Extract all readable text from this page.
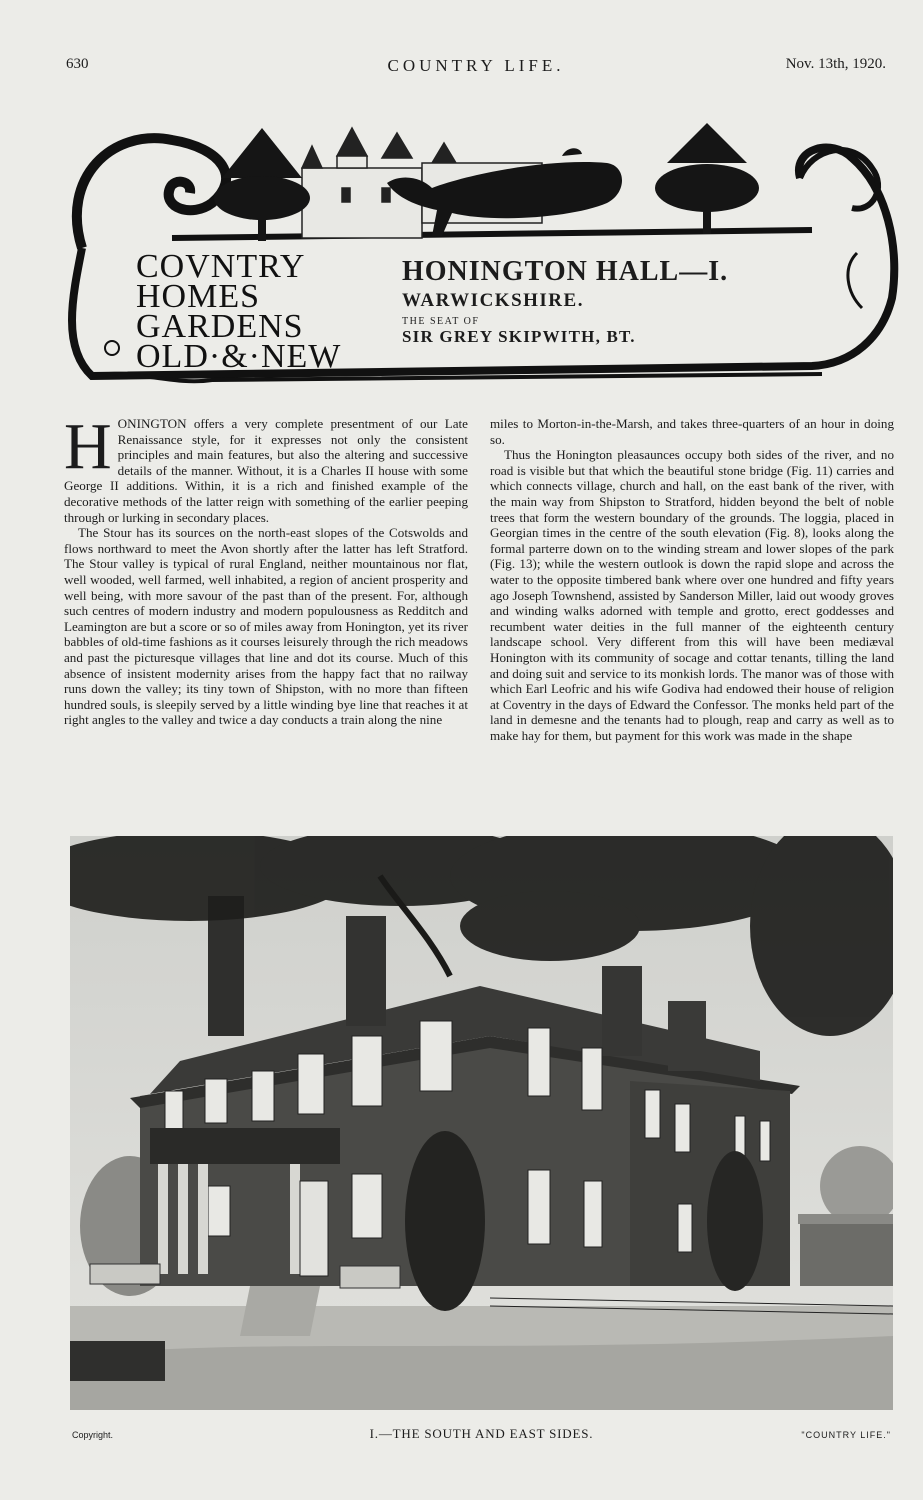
630	COUNTRY LIFE.	Nov. 13th, 1920.
COVNTRY
HOMES
GARDENS
OLD·&·NEW
HONINGTON HALL—I.
WARWICKSHIRE.
THE SEAT OF
SIR GREY SKIPWITH, BT.

HONINGTON offers a very complete presentment of our Late Renaissance style, for it expresses not only the consistent principles and main features, but also the altering and successive details of the manner. Without, it is a Charles II house with some George II additions. Within, it is a rich and finished example of the decorative methods of the latter reign with something of the earlier peeping through or lurking in secondary places.

The Stour has its sources on the north-east slopes of the Cotswolds and flows northward to meet the Avon shortly after the latter has left Stratford. The Stour valley is typical of rural England, neither mountainous nor flat, well wooded, well farmed, well inhabited, a region of ancient prosperity and well being, with more savour of the past than of the present. For, although such centres of modern industry and modern populousness as Redditch and Leamington are but a score or so of miles away from Honington, yet its river babbles of old-time fashions as it courses leisurely through the rich meadows and past the picturesque villages that line and dot its course. Much of this absence of insistent modernity arises from the happy fact that no railway runs down the valley; its tiny town of Shipston, with no more than fifteen hundred souls, is sleepily served by a little winding bye line that reaches it at right angles to the valley and twice a day conducts a train along the nine

miles to Morton-in-the-Marsh, and takes three-quarters of an hour in doing so.

Thus the Honington pleasaunces occupy both sides of the river, and no road is visible but that which the beautiful stone bridge (Fig. 11) carries and which connects village, church and hall, on the east bank of the river, with the main way from Shipston to Stratford, hidden beyond the belt of noble trees that form the western boundary of the grounds. The loggia, placed in Georgian times in the centre of the south elevation (Fig. 8), looks along the formal parterre down on to the winding stream and lower slopes of the park (Fig. 13); while the western outlook is down the rapid slope and across the water to the opposite timbered bank where over one hundred and fifty years ago Joseph Townshend, assisted by Sanderson Miller, laid out woody groves and winding walks adorned with temple and grotto, erect goddesses and recumbent water deities in the full manner of the eighteenth century landscape school. Very different from this will have been mediæval Honington with its community of socage and cottar tenants, tilling the land and doing suit and service to its monkish lords. The manor was of those with which Earl Leofric and his wife Godiva had endowed their house of religion at Coventry in the days of Edward the Confessor. The monks held part of the land in demesne and the tenants had to plough, reap and carry as well as to make hay for them, but payment for this work was made in the shape

Copyright.	I.—THE SOUTH AND EAST SIDES.	"COUNTRY LIFE."
